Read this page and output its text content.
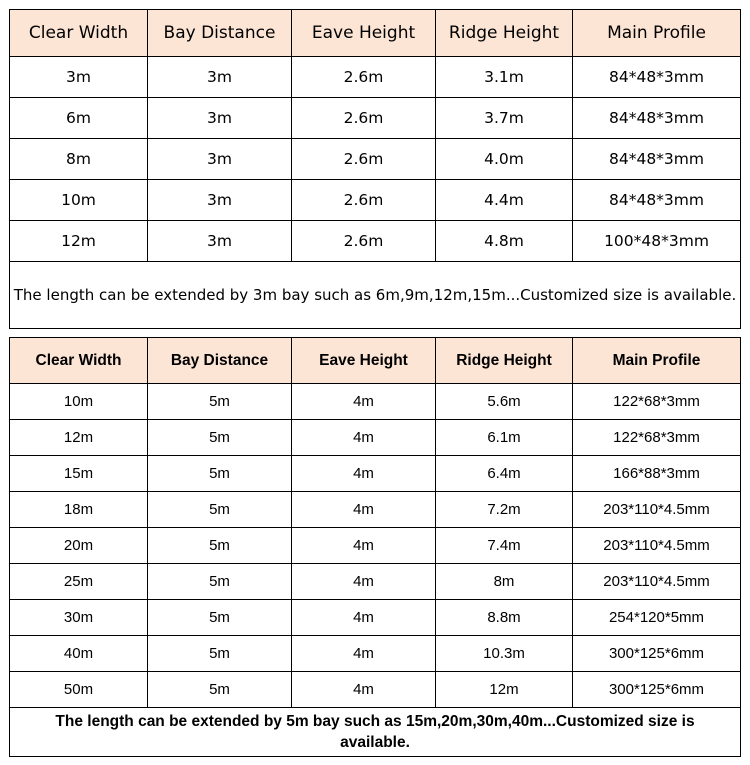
Clear Width	Bay Distance	Eave Height	Ridge Height	Main Profile
3m	3m	2.6m	3.1m	84*48*3mm
6m	3m	2.6m	3.7m	84*48*3mm
8m	3m	2.6m	4.0m	84*48*3mm
10m	3m	2.6m	4.4m	84*48*3mm
12m	3m	2.6m	4.8m	100*48*3mm
The length can be extended by 3m bay such as 6m,9m,12m,15m...Customized size is available.				
Clear Width	Bay Distance	Eave Height	Ridge Height	Main Profile
10m	5m	4m	5.6m	122*68*3mm
12m	5m	4m	6.1m	122*68*3mm
15m	5m	4m	6.4m	166*88*3mm
18m	5m	4m	7.2m	203*110*4.5mm
20m	5m	4m	7.4m	203*110*4.5mm
25m	5m	4m	8m	203*110*4.5mm
30m	5m	4m	8.8m	254*120*5mm
40m	5m	4m	10.3m	300*125*6mm
50m	5m	4m	12m	300*125*6mm
The length can be extended by 5m bay such as 15m,20m,30m,40m...Customized size is available.				
